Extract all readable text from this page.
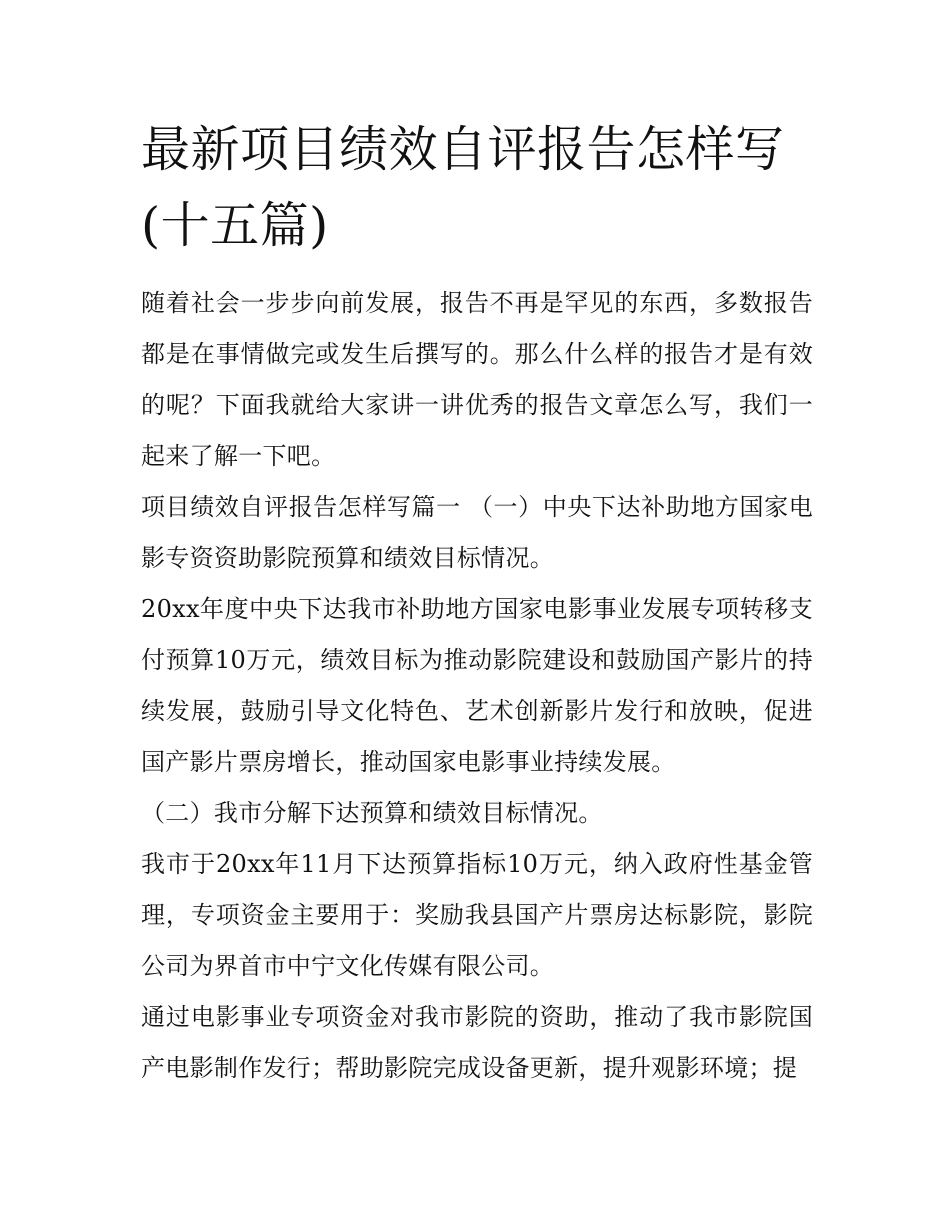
最新项目绩效自评报告怎样写(十五篇)

随着社会一步步向前发展，报告不再是罕见的东西，多数报告都是在事情做完或发生后撰写的。那么什么样的报告才是有效的呢？下面我就给大家讲一讲优秀的报告文章怎么写，我们一起来了解一下吧。

项目绩效自评报告怎样写篇一 （一）中央下达补助地方国家电影专资资助影院预算和绩效目标情况。

20xx年度中央下达我市补助地方国家电影事业发展专项转移支付预算10万元，绩效目标为推动影院建设和鼓励国产影片的持续发展，鼓励引导文化特色、艺术创新影片发行和放映，促进国产影片票房增长，推动国家电影事业持续发展。

（二）我市分解下达预算和绩效目标情况。

我市于20xx年11月下达预算指标10万元，纳入政府性基金管理，专项资金主要用于：奖励我县国产片票房达标影院，影院公司为界首市中宁文化传媒有限公司。

通过电影事业专项资金对我市影院的资助，推动了我市影院国产电影制作发行；帮助影院完成设备更新，提升观影环境；提
